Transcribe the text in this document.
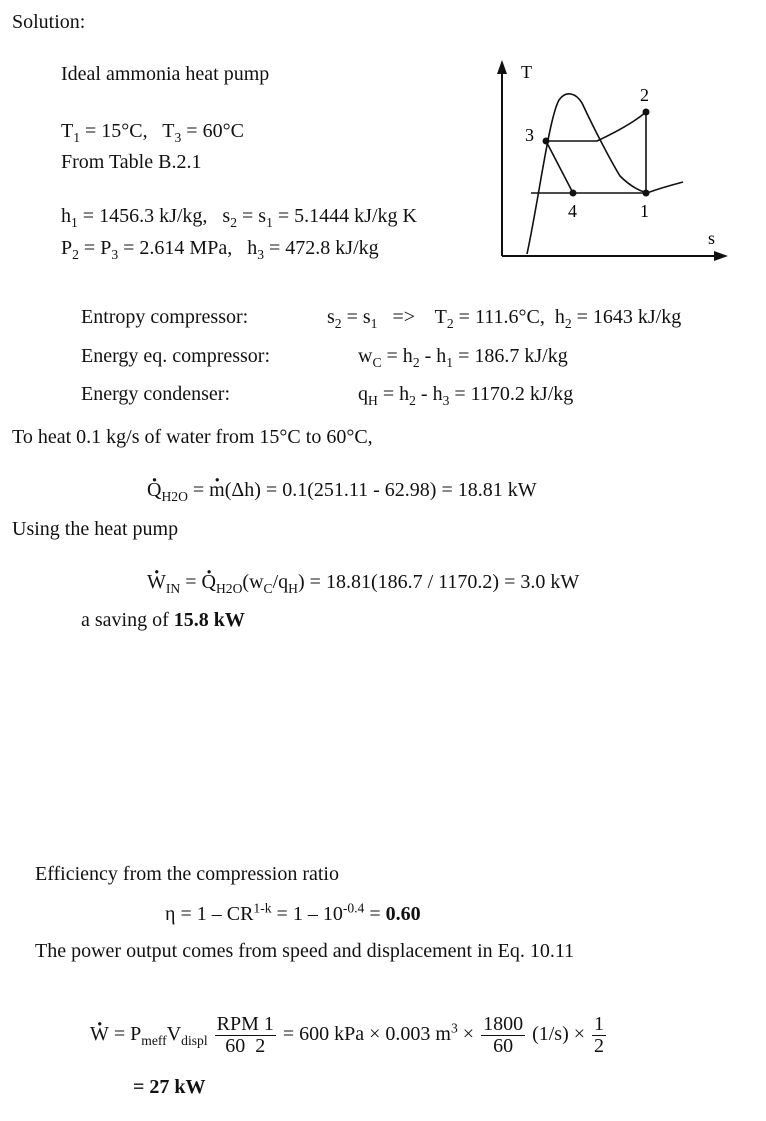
Solution:
Ideal ammonia heat pump
$T_1 = 15^\circ C$,   $T_3 = 60^\circ C$
From Table B.2.1
$h_1 = 1456.3$ kJ/kg,   $s_2 = s_1 = 5.1444$ kJ/kg K
$P_2 = P_3 = 2.614$ MPa,   $h_3 = 472.8$ kJ/kg
T
s
2
3
4	1
Entropy compressor:	$s_2 = s_1$   =>    $T_2 = 111.6^\circ C$,  $h_2 = 1643$ kJ/kg
Energy eq. compressor:	$w_C = h_2 - h_1 = 186.7$ kJ/kg
Energy condenser:	$q_H = h_2 - h_3 = 1170.2$ kJ/kg
To heat 0.1 kg/s of water from 15°C to 60°C,
· $Q_{H2O}$ = · m(Δh) = 0.1(251.11 - 62.98) = 18.81 kW
Using the heat pump
· $W_{IN}$ = · $Q_{H2O}(w_C/q_H) = 18.81(186.7 / 1170.2) = 3.0$ kW
a saving of 15.8 kW
Efficiency from the compression ratio
$\eta = 1 - CR^{1-k} = 1 - 10^{-0.4} = 0.60$
The power output comes from speed and displacement in Eq. 10.11
· $W = P_{meff}V_{displ} \frac{\text{RPM 1}}{60 2} = 600$ kPa × 0.003 $m^3 \times \frac{1800}{60} (1/s) \times \frac{1}{2}$
= 27 kW
